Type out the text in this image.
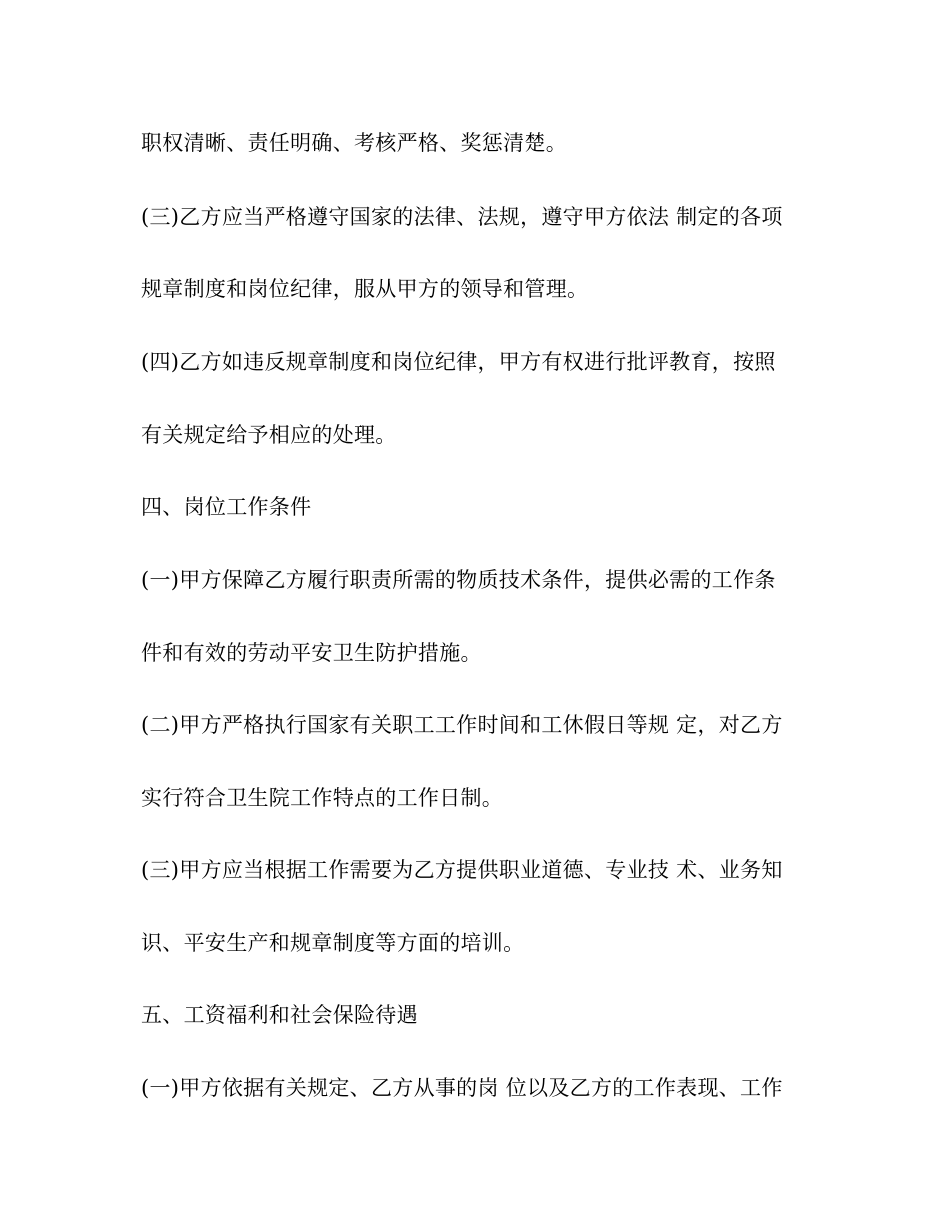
职权清晰、责任明确、考核严格、奖惩清楚。

(三)乙方应当严格遵守国家的法律、法规，遵守甲方依法 制定的各项

规章制度和岗位纪律，服从甲方的领导和管理。

(四)乙方如违反规章制度和岗位纪律，甲方有权进行批评教育，按照

有关规定给予相应的处理。

四、岗位工作条件

(一)甲方保障乙方履行职责所需的物质技术条件，提供必需的工作条

件和有效的劳动平安卫生防护措施。

(二)甲方严格执行国家有关职工工作时间和工休假日等规 定，对乙方

实行符合卫生院工作特点的工作日制。

(三)甲方应当根据工作需要为乙方提供职业道德、专业技 术、业务知

识、平安生产和规章制度等方面的培训。

五、工资福利和社会保险待遇

(一)甲方依据有关规定、乙方从事的岗 位以及乙方的工作表现、工作
